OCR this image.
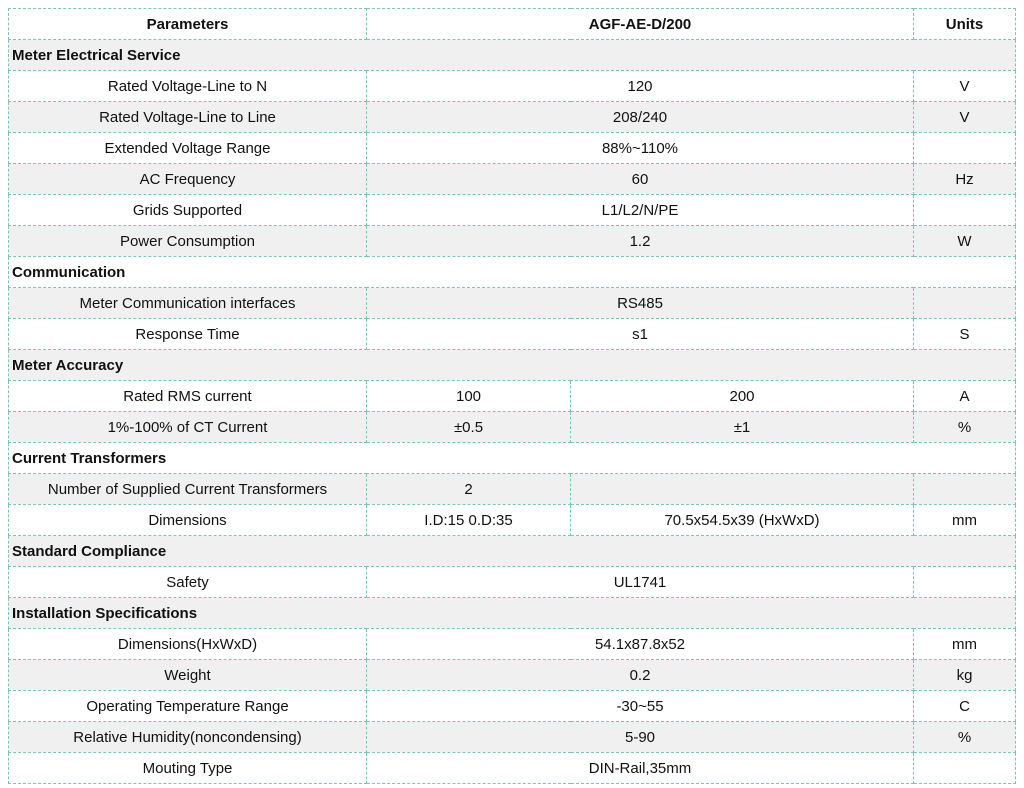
Parameters	AGF-AE-D/200		Units
Meter Electrical Service			
Rated Voltage-Line to N	120		V
Rated Voltage-Line to Line	208/240		V
Extended Voltage Range	88%~110%		
AC Frequency	60		Hz
Grids Supported	L1/L2/N/PE		
Power Consumption	1.2		W
Communication			
Meter Communication interfaces	RS485		
Response Time	s1		S
Meter Accuracy			
Rated RMS current	100	200	A
1%-100% of CT Current	±0.5	±1	%
Current Transformers			
Number of Supplied Current Transformers	2		
Dimensions	I.D:15 0.D:35	70.5x54.5x39 (HxWxD)	mm
Standard Compliance			
Safety	UL1741		
Installation Specifications			
Dimensions(HxWxD)	54.1x87.8x52		mm
Weight	0.2		kg
Operating Temperature Range	-30~55		C
Relative Humidity(noncondensing)	5-90		%
Mouting Type	DIN-Rail,35mm		
